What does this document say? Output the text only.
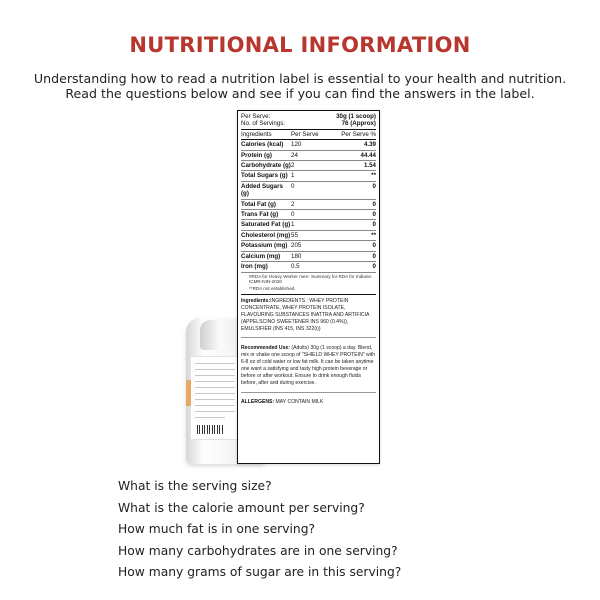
NUTRITIONAL INFORMATION
Understanding how to read a nutrition label is essential to your health and nutrition. Read the questions below and see if you can find the answers in the label.
Per Serve:	30g (1 scoop)
No. of Servings:	76 (Approx)
Ingredients	Per Serve	Per Serve %
Calories (kcal)	120	4.39
Protein (g)	24	44.44
Carbohydrate (g) 2	1.54
Total Sugars (g) 1	**
Added Sugars (g)
0	0
Total Fat (g)	2	0
Trans Fat (g)	0	0
Saturated Fat (g) 1	0
Cholesterol (mg) 55	**
Potassium (mg) 205	0
Calcium (mg)	180	0
Iron (mg)	0.5	0
#RDA for Heavy Worker men- Summary for RDA for Indians- ICMR-NIN-2020
**RDA not established.
Ingredients:INGREDIENTS : WHEY PROTEIN CONCENTRATE, WHEY PROTEIN ISOLATE, FLAVOURING SUBSTANCES INATTRA AND ARTIFICIA (APPELSCINO SWEETENER INS 960 (0.4%)), EMULSIFIER (INS 415, INS 322(i))
Recommended Use: (Adults) 30g (1 scoop) a day. Blend, mix or shake one scoop of "SHIELD WHEY PROTEIN" with 6-8 oz of cold water or low fat milk. It can be taken anytime one want a satisfying and tasty high protein beverage or before or after workout. Ensure to drink enough fluids before, after and during exercise.
ALLERGENS: MAY CONTAIN MILK
What is the serving size?
What is the calorie amount per serving?
How much fat is in one serving?
How many carbohydrates are in one serving?
How many grams of sugar are in this serving?
